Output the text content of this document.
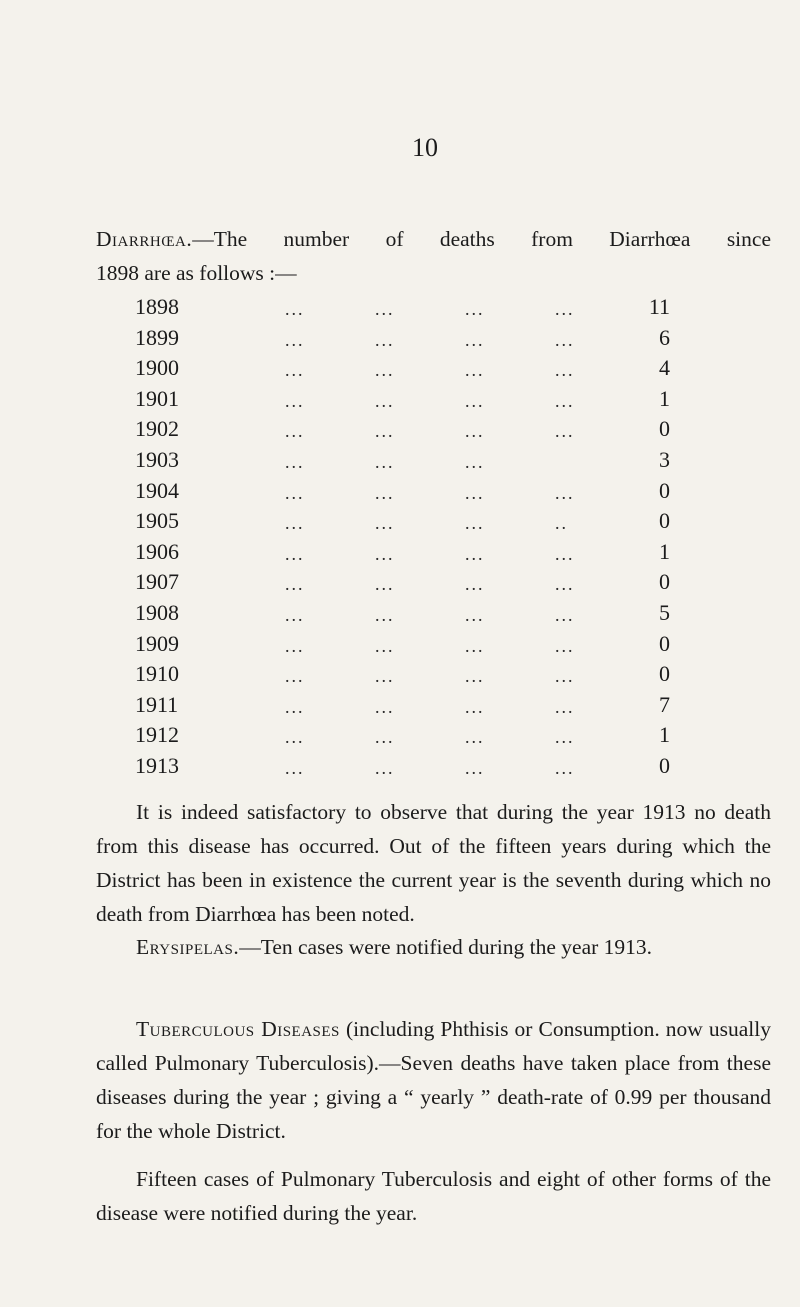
10
Diarrhœa.—The number of deaths from Diarrhœa since
1898 are as follows :—
1898	... ... ... ...	11
1899	... ... ... ...	6
1900	... ... ... ...	4
1901	... ... ... ...	1
1902	... ... ... ...	0
1903	... ... ...	3
1904	... ... ... ...	0
1905	... ... ... ..	0
1906	... ... ... ...	1
1907	... ... ... ...	0
1908	... ... ... ...	5
1909	... ... ... ...	0
1910	... ... ... ...	0
1911	... ... ... ...	7
1912	... ... ... ...	1
1913	... ... ... ...	0
It is indeed satisfactory to observe that during the year 1913 no death from this disease has occurred. Out of the fifteen years during which the District has been in existence the current year is the seventh during which no death from Diarrhœa has been noted.
Erysipelas.—Ten cases were notified during the year 1913.
Tuberculous Diseases (including Phthisis or Consumption. now usually called Pulmonary Tuberculosis).—Seven deaths have taken place from these diseases during the year ; giving a “ yearly ” death-rate of 0.99 per thousand for the whole District.
Fifteen cases of Pulmonary Tuberculosis and eight of other forms of the disease were notified during the year.
